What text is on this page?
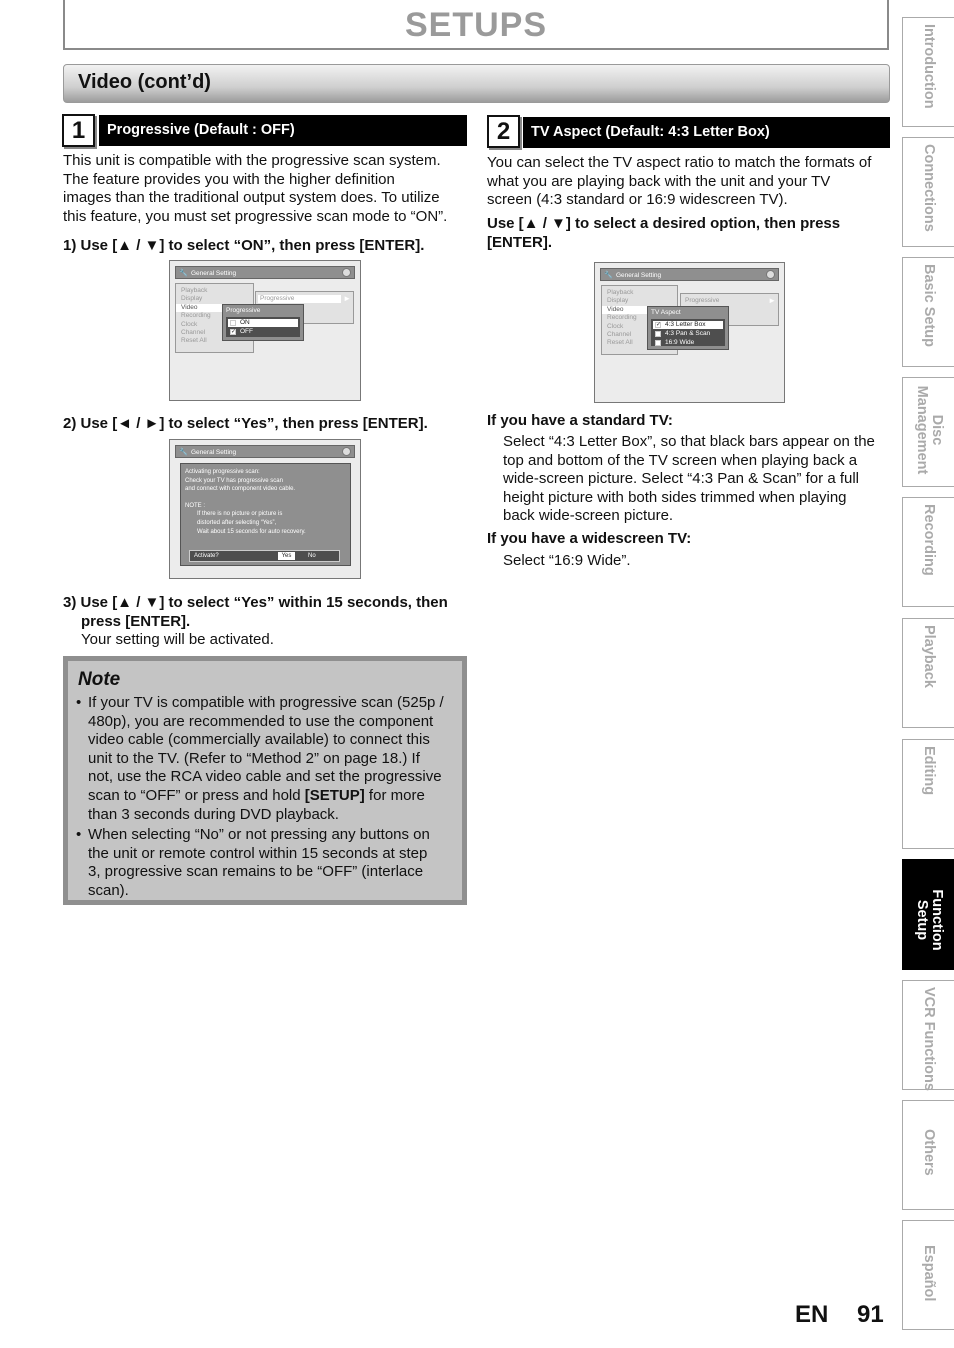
SETUPS
Video (cont’d)
1	Progressive (Default : OFF)
This unit is compatible with the progressive scan system.
The feature provides you with the higher definition
images than the traditional output system does. To utilize
this feature, you must set progressive scan mode to “ON”.
1) Use [▲ / ▼] to select “ON”, then press [ENTER].
🔧 General Setting
Playback
Display
Video
Recording
Clock
Channel
Reset All
Progressive	►
Progressive
ON
✓ OFF
2) Use [◄ / ►] to select “Yes”, then press [ENTER].
🔧 General Setting
Activating progressive scan:
Check your TV has progressive scan
and connect with component video cable.
NOTE :
If there is no picture or picture is
distorted after selecting “Yes”,
Wait about 15 seconds for auto recovery.
Activate?	Yes	No
3) Use [▲ / ▼] to select “Yes” within 15 seconds, then
press [ENTER].
Your setting will be activated.
Note
• If your TV is compatible with progressive scan (525p /
480p), you are recommended to use the component
video cable (commercially available) to connect this
unit to the TV. (Refer to “Method 2” on page 18.) If
not, use the RCA video cable and set the progressive
scan to “OFF” or press and hold [SETUP] for more
than 3 seconds during DVD playback.
• When selecting “No” or not pressing any buttons on
the unit or remote control within 15 seconds at step
3, progressive scan remains to be “OFF” (interlace
scan).
2	TV Aspect (Default: 4:3 Letter Box)
You can select the TV aspect ratio to match the formats of
what you are playing back with the unit and your TV
screen (4:3 standard or 16:9 widescreen TV).
Use [▲ / ▼] to select a desired option, then press
[ENTER].
🔧 General Setting
Playback
Display
Video
Recording
Clock
Channel
Reset All
Progressive	►
TV Aspect
✓ 4:3 Letter Box
4:3 Pan & Scan
16:9 Wide
If you have a standard TV:
Select “4:3 Letter Box”, so that black bars appear on the
top and bottom of the TV screen when playing back a
wide-screen picture. Select “4:3 Pan & Scan” for a full
height picture with both sides trimmed when playing
back wide-screen picture.
If you have a widescreen TV:
Select “16:9 Wide”.
Introduction
Connections
Basic Setup
Disc Management
Recording
Playback
Editing
Function Setup
VCR Functions
Others
Español
EN 91
